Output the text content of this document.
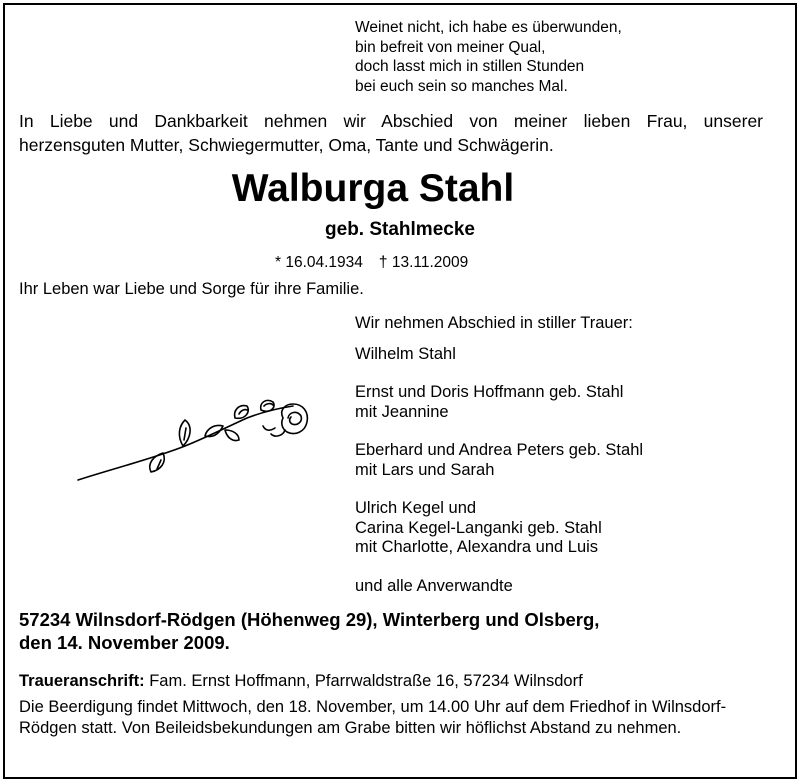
Weinet nicht, ich habe es überwunden,
bin befreit von meiner Qual,
doch lasst mich in stillen Stunden
bei euch sein so manches Mal.
In Liebe und Dankbarkeit nehmen wir Abschied von meiner lieben Frau, unserer
herzensguten Mutter, Schwiegermutter, Oma, Tante und Schwägerin.
Walburga Stahl
geb. Stahlmecke
* 16.04.1934 † 13.11.2009
Ihr Leben war Liebe und Sorge für ihre Familie.
Wir nehmen Abschied in stiller Trauer:
Wilhelm Stahl
Ernst und Doris Hoffmann geb. Stahl
mit Jeannine
Eberhard und Andrea Peters geb. Stahl
mit Lars und Sarah
Ulrich Kegel und
Carina Kegel-Langanki geb. Stahl
mit Charlotte, Alexandra und Luis
und alle Anverwandte
57234 Wilnsdorf-Rödgen (Höhenweg 29), Winterberg und Olsberg,
den 14. November 2009.
Traueranschrift: Fam. Ernst Hoffmann, Pfarrwaldstraße 16, 57234 Wilnsdorf
Die Beerdigung findet Mittwoch, den 18. November, um 14.00 Uhr auf dem Friedhof in Wilnsdorf-Rödgen statt. Von Beileidsbekundungen am Grabe bitten wir höflichst Abstand zu nehmen.
